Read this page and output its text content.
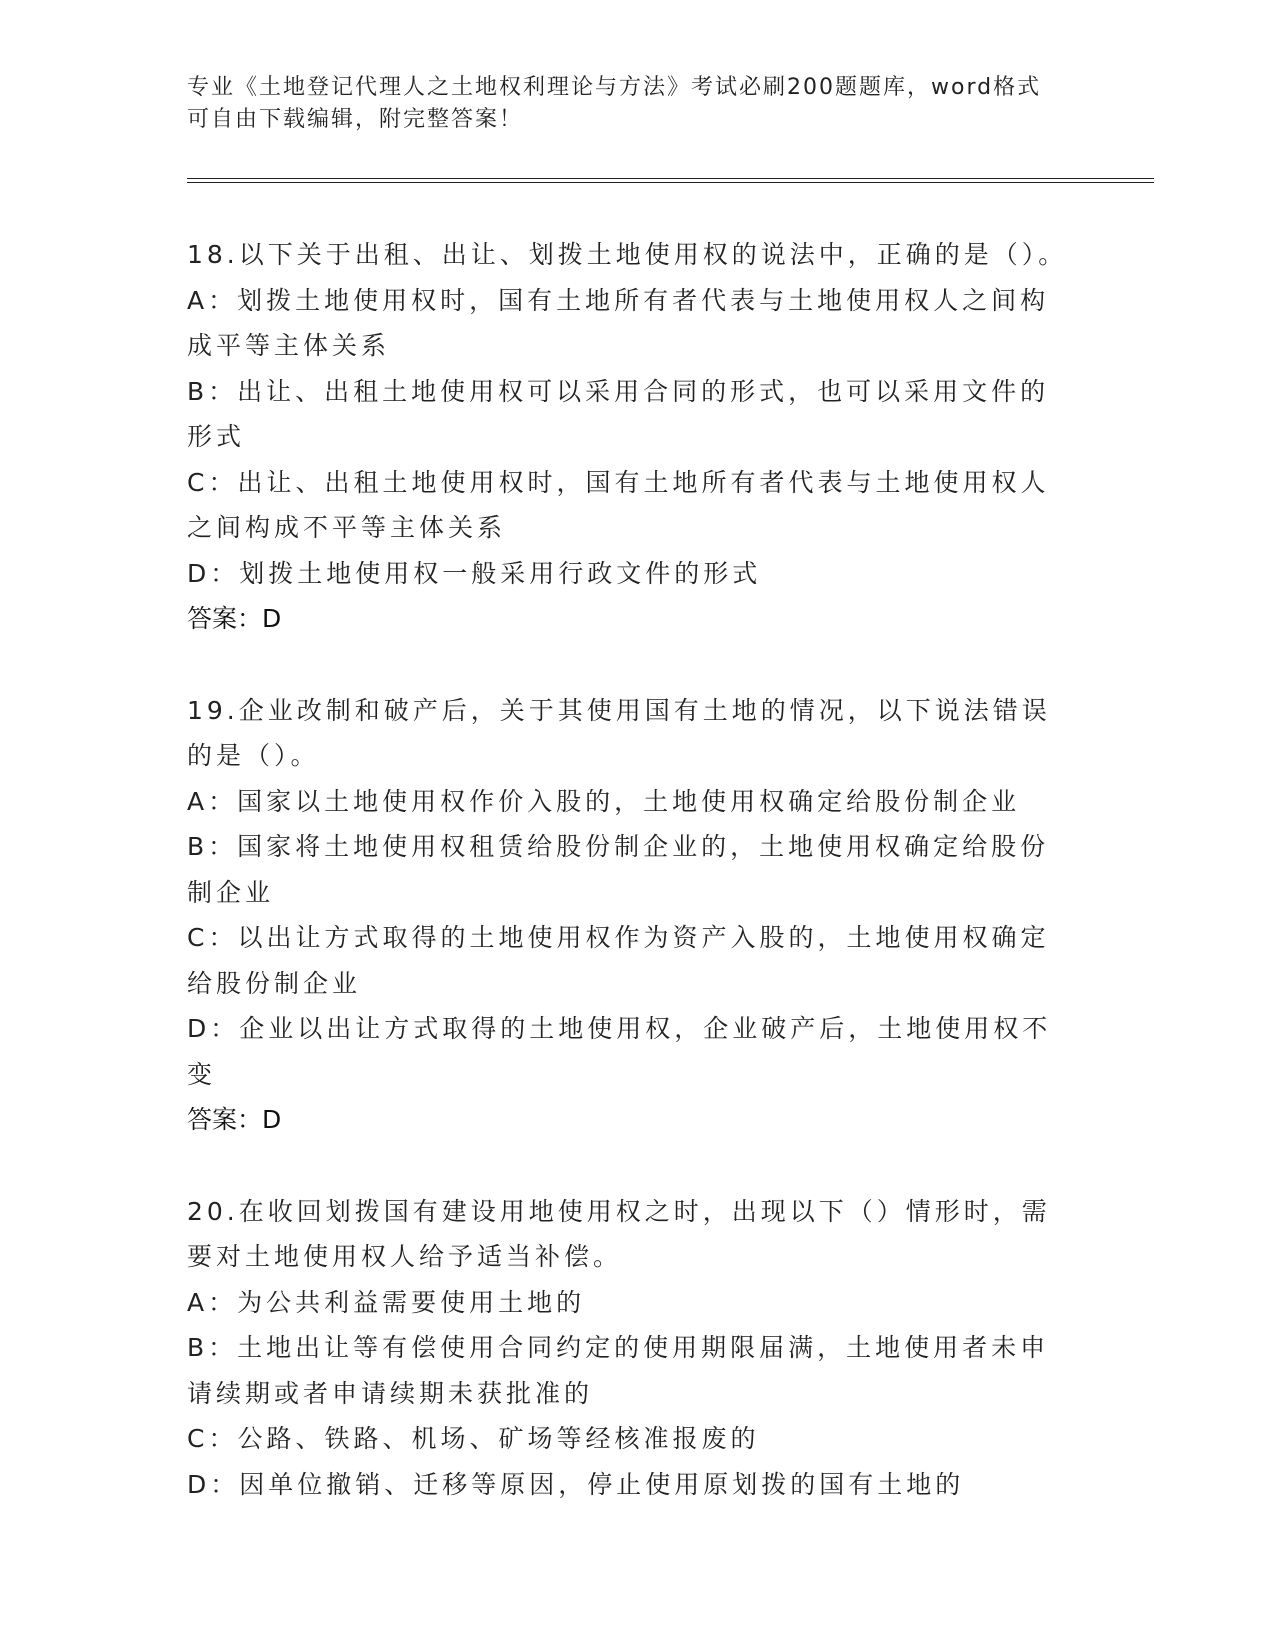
专业《土地登记代理人之土地权利理论与方法》考试必刷200题题库，word格式
可自由下载编辑，附完整答案！

18.以下关于出租、出让、划拨土地使用权的说法中，正确的是（）。

A：划拨土地使用权时，国有土地所有者代表与土地使用权人之间构成平等主体关系

B：出让、出租土地使用权可以采用合同的形式，也可以采用文件的形式

C：出让、出租土地使用权时，国有土地所有者代表与土地使用权人之间构成不平等主体关系

D：划拨土地使用权一般采用行政文件的形式

答案：D

19.企业改制和破产后，关于其使用国有土地的情况，以下说法错误的是（）。

A：国家以土地使用权作价入股的，土地使用权确定给股份制企业

B：国家将土地使用权租赁给股份制企业的，土地使用权确定给股份制企业

C：以出让方式取得的土地使用权作为资产入股的，土地使用权确定给股份制企业

D：企业以出让方式取得的土地使用权，企业破产后，土地使用权不变

答案：D

20.在收回划拨国有建设用地使用权之时，出现以下（）情形时，需要对土地使用权人给予适当补偿。

A：为公共利益需要使用土地的

B：土地出让等有偿使用合同约定的使用期限届满，土地使用者未申请续期或者申请续期未获批准的

C：公路、铁路、机场、矿场等经核准报废的

D：因单位撤销、迁移等原因，停止使用原划拨的国有土地的
